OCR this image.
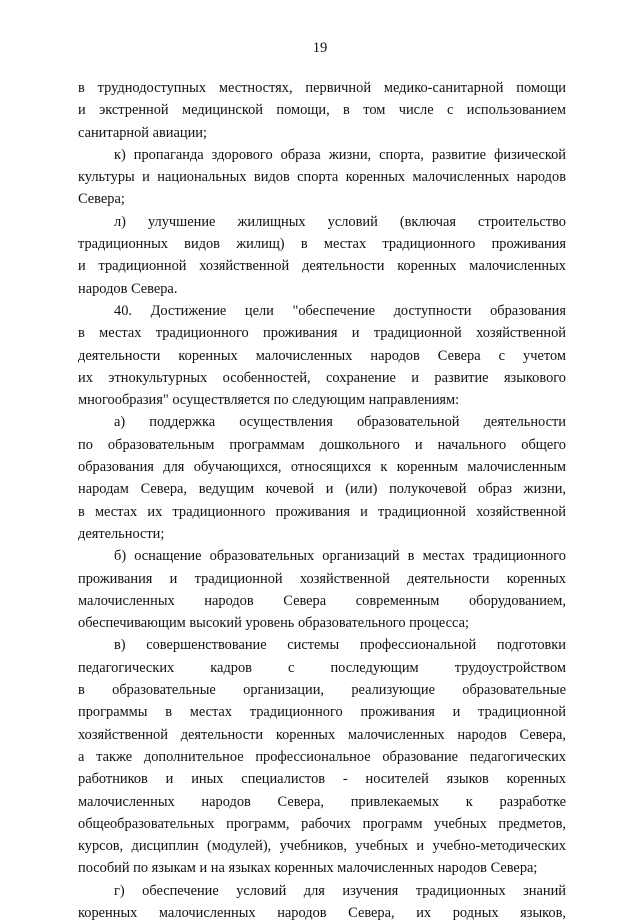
19
в труднодоступных местностях, первичной медико-санитарной помощи
и экстренной медицинской помощи, в том числе с использованием
санитарной авиации;
к) пропаганда здорового образа жизни, спорта, развитие физической
культуры и национальных видов спорта коренных малочисленных народов
Севера;
л) улучшение жилищных условий (включая строительство
традиционных видов жилищ) в местах традиционного проживания
и традиционной хозяйственной деятельности коренных малочисленных
народов Севера.
40. Достижение цели "обеспечение доступности образования
в местах традиционного проживания и традиционной хозяйственной
деятельности коренных малочисленных народов Севера с учетом
их этнокультурных особенностей, сохранение и развитие языкового
многообразия" осуществляется по следующим направлениям:
а) поддержка осуществления образовательной деятельности
по образовательным программам дошкольного и начального общего
образования для обучающихся, относящихся к коренным малочисленным
народам Севера, ведущим кочевой и (или) полукочевой образ жизни,
в местах их традиционного проживания и традиционной хозяйственной
деятельности;
б) оснащение образовательных организаций в местах традиционного
проживания и традиционной хозяйственной деятельности коренных
малочисленных народов Севера современным оборудованием,
обеспечивающим высокий уровень образовательного процесса;
в) совершенствование системы профессиональной подготовки
педагогических кадров с последующим трудоустройством
в образовательные организации, реализующие образовательные
программы в местах традиционного проживания и традиционной
хозяйственной деятельности коренных малочисленных народов Севера,
а также дополнительное профессиональное образование педагогических
работников и иных специалистов - носителей языков коренных
малочисленных народов Севера, привлекаемых к разработке
общеобразовательных программ, рабочих программ учебных предметов,
курсов, дисциплин (модулей), учебников, учебных и учебно-методических
пособий по языкам и на языках коренных малочисленных народов Севера;
г) обеспечение условий для изучения традиционных знаний
коренных малочисленных народов Севера, их родных языков,
